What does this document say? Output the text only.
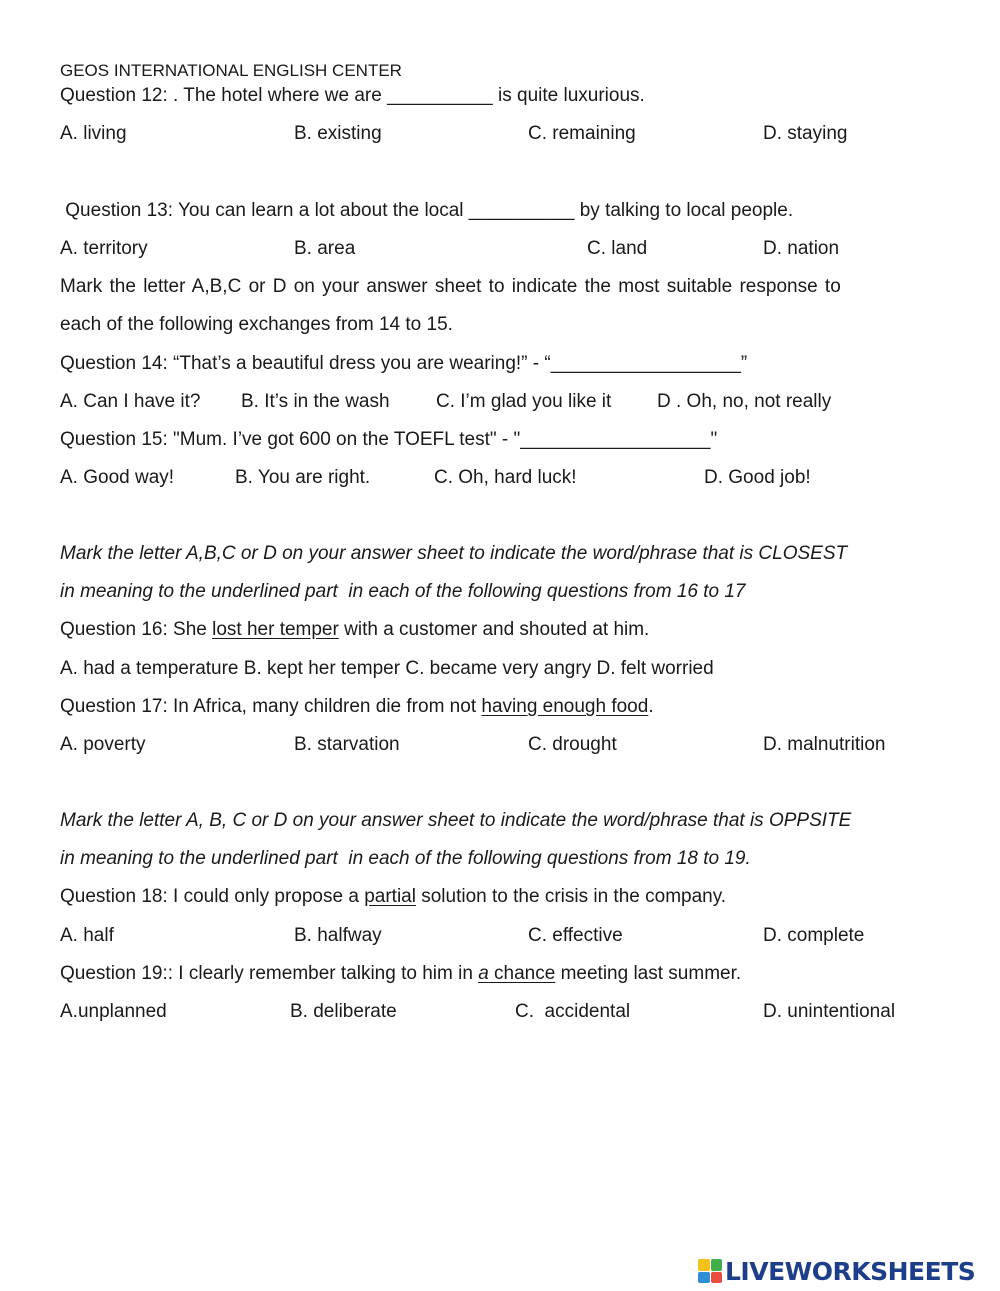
GEOS INTERNATIONAL ENGLISH CENTER
Question 12: . The hotel where we are __________ is quite luxurious.
A. living	B. existing	C. remaining	D. staying
Question 13: You can learn a lot about the local __________ by talking to local people.
A. territory	B. area	C. land	D. nation
Mark the letter A,B,C or D on your answer sheet to indicate the most suitable response to
each of the following exchanges from 14 to 15.
Question 14: “That’s a beautiful dress you are wearing!” - “__________________”
A. Can I have it? B. It’s in the wash C. I’m glad you like it D . Oh, no, not really
Question 15: "Mum. I’ve got 600 on the TOEFL test" - "__________________"
A. Good way!	B. You are right.	C. Oh, hard luck!	D. Good job!
Mark the letter A,B,C or D on your answer sheet to indicate the word/phrase that is CLOSEST
in meaning to the underlined part  in each of the following questions from 16 to 17
Question 16: She lost her temper with a customer and shouted at him.
A. had a temperature B. kept her temper C. became very angry D. felt worried
Question 17: In Africa, many children die from not having enough food.
A. poverty	B. starvation	C. drought	D. malnutrition
Mark the letter A, B, C or D on your answer sheet to indicate the word/phrase that is OPPSITE
in meaning to the underlined part  in each of the following questions from 18 to 19.
Question 18: I could only propose a partial solution to the crisis in the company.
A. half	B. halfway	C. effective	D. complete
Question 19:: I clearly remember talking to him in a chance meeting last summer.
A.unplanned	B. deliberate	C.  accidental	D. unintentional
LIVEWORKSHEETS
